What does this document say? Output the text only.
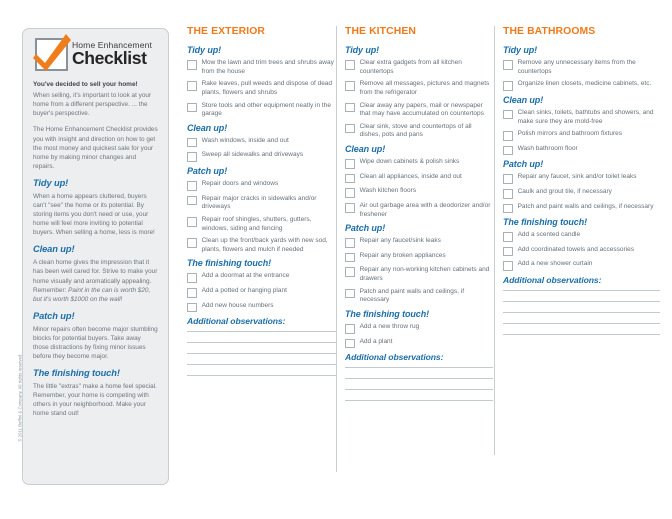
© 2011 Buffini & Company. All rights reserved.
Home Enhancement
Checklist
You've decided to sell your home!
When selling, it's important to look at your home from a different perspective. ... the buyer's perspective.
The Home Enhancement Checklist provides you with insight and direction on how to get the most money and quickest sale for your home by making minor changes and repairs.
Tidy up!
When a home appears cluttered, buyers can't "see" the home or its potential. By storing items you don't need or use, your home will feel more inviting to potential buyers. When selling a home, less is more!
Clean up!
A clean home gives the impression that it has been well cared for. Strive to make your home visually and aromatically appealing. Remember: Paint in the can is worth $20, but it's worth $1000 on the wall!
Patch up!
Minor repairs often become major stumbling blocks for potential buyers. Take away those distractions by fixing minor issues before they become major.
The finishing touch!
The little "extras" make a home feel special. Remember, your home is competing with others in your neighborhood. Make your home stand out!
THE EXTERIOR
Tidy up!
Mow the lawn and trim trees and shrubs away from the house
Rake leaves, pull weeds and dispose of dead plants, flowers and shrubs
Store tools and other equipment neatly in the garage
Clean up!
Wash windows, inside and out
Sweep all sidewalks and driveways
Patch up!
Repair doors and windows
Repair major cracks in sidewalks and/or driveways
Repair roof shingles, shutters, gutters, windows, siding and fencing
Clean up the front/back yards with new sod, plants, flowers and mulch if needed
The finishing touch!
Add a doormat at the entrance
Add a potted or hanging plant
Add new house numbers
Additional observations:
THE KITCHEN
Tidy up!
Clear extra gadgets from all kitchen countertops
Remove all messages, pictures and magnets from the refrigerator
Clear away any papers, mail or newspaper that may have accumulated on countertops
Clear sink, stove and countertops of all dishes, pots and pans
Clean up!
Wipe down cabinets & polish sinks
Clean all appliances, inside and out
Wash kitchen floors
Air out garbage area with a deodorizer and/or freshener
Patch up!
Repair any faucet/sink leaks
Repair any broken appliances
Repair any non-working kitchen cabinets and drawers
Patch and paint walls and ceilings, if necessary
The finishing touch!
Add a new throw rug
Add a plant
Additional observations:
THE BATHROOMS
Tidy up!
Remove any unnecessary items from the countertops
Organize linen closets, medicine cabinets, etc.
Clean up!
Clean sinks, toilets, bathtubs and showers, and make sure they are mold-free
Polish mirrors and bathroom fixtures
Wash bathroom floor
Patch up!
Repair any faucet, sink and/or toilet leaks
Caulk and grout tile, if necessary
Patch and paint walls and ceilings, if necessary
The finishing touch!
Add a scented candle
Add coordinated towels and accessories
Add a new shower curtain
Additional observations:
